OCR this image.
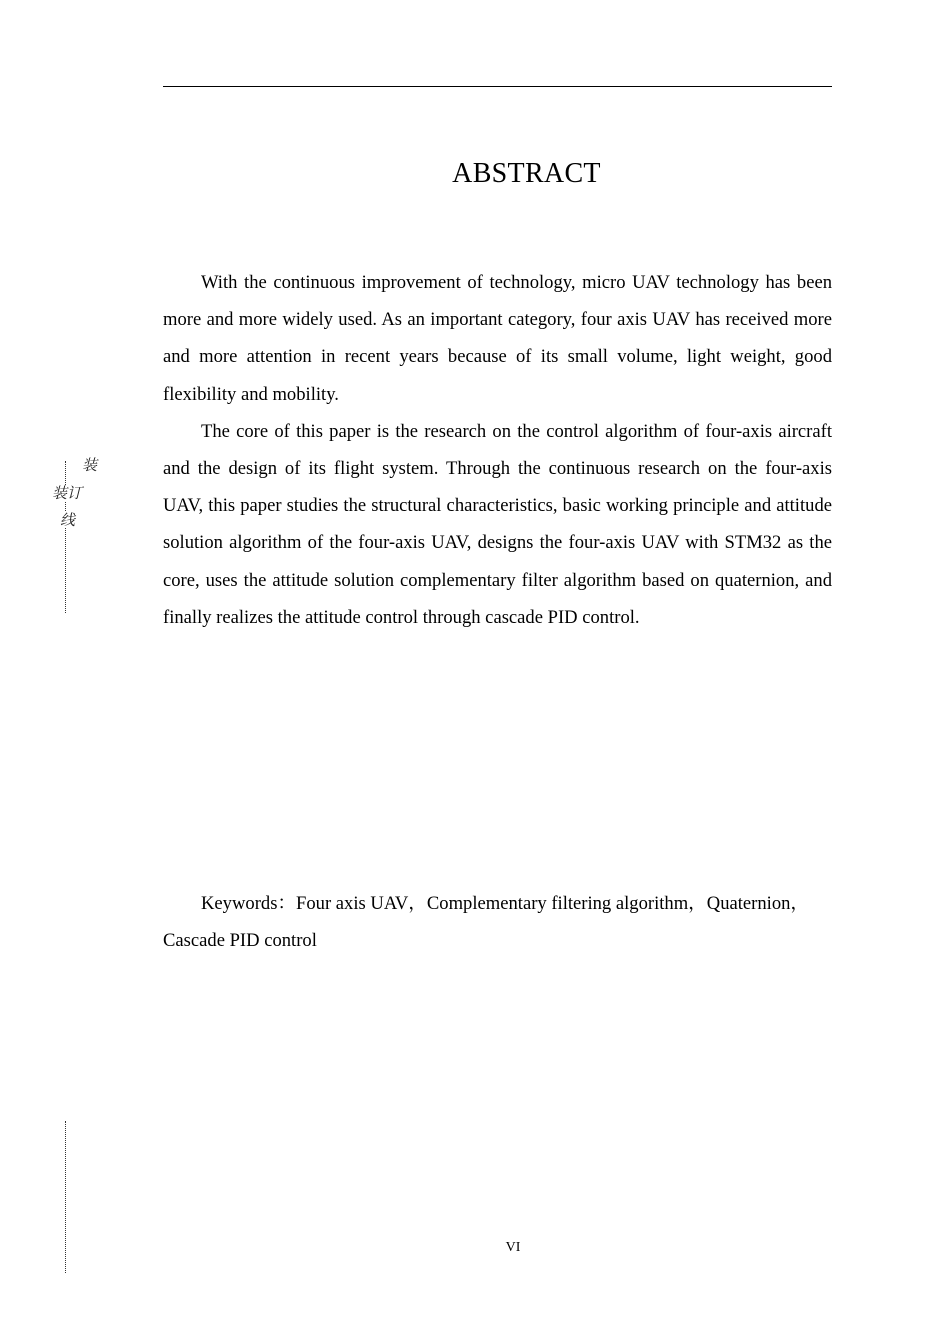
装
装订
线
ABSTRACT

With the continuous improvement of technology, micro UAV technology has been more and more widely used. As an important category, four axis UAV has received more and more attention in recent years because of its small volume, light weight, good flexibility and mobility.

The core of this paper is the research on the control algorithm of four-axis aircraft and the design of its flight system. Through the continuous research on the four-axis UAV, this paper studies the structural characteristics, basic working principle and attitude solution algorithm of the four-axis UAV, designs the four-axis UAV with STM32 as the core, uses the attitude solution complementary filter algorithm based on quaternion, and finally realizes the attitude control through cascade PID control.

Keywords：Four axis UAV，Complementary filtering algorithm，Quaternion，Cascade PID control
VI
